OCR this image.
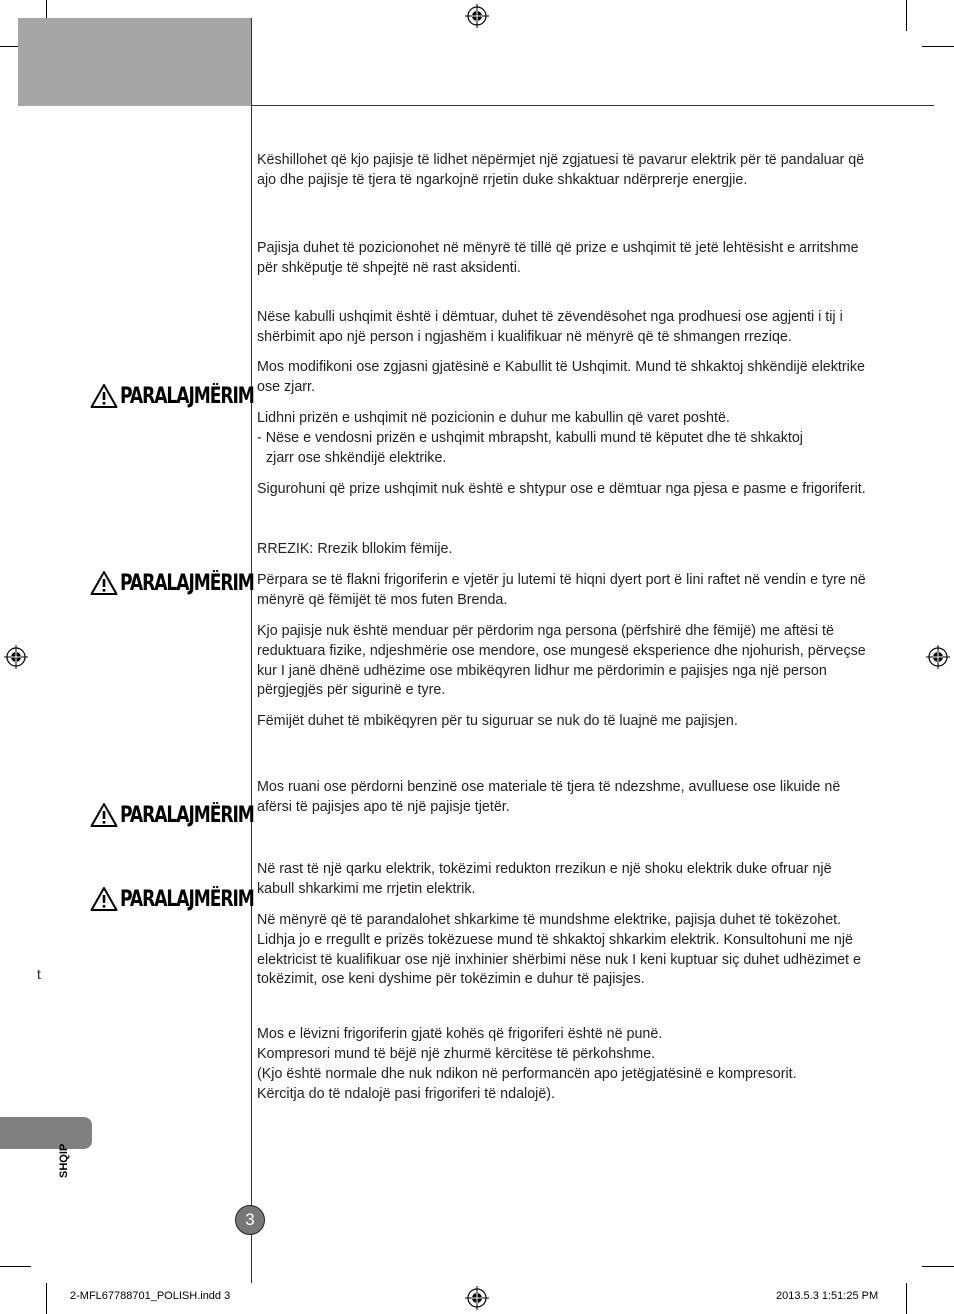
PARALAJMËRIM
PARALAJMËRIM
PARALAJMËRIM
PARALAJMËRIM

Këshillohet që kjo pajisje të lidhet nëpërmjet një zgjatuesi të pavarur elektrik për të pandaluar që ajo dhe pajisje të tjera të ngarkojnë rrjetin duke shkaktuar ndërprerje energjie.

Pajisja duhet të pozicionohet në mënyrë të tillë që prize e ushqimit të jetë lehtësisht e arritshme për shkëputje të shpejtë në rast aksidenti.

Nëse kabulli ushqimit është i dëmtuar, duhet të zëvendësohet nga prodhuesi ose agjenti i tij i shërbimit apo një person i ngjashëm i kualifikuar në mënyrë që të shmangen rreziqe.

Mos modifikoni ose zgjasni gjatësinë e Kabullit të Ushqimit. Mund të shkaktoj shkëndijë elektrike ose zjarr.

Lidhni prizën e ushqimit në pozicionin e duhur me kabullin që varet poshtë.

- Nëse e vendosni prizën e ushqimit mbrapsht, kabulli mund të këputet dhe të shkaktoj

zjarr ose shkëndijë elektrike.

Sigurohuni që prize ushqimit nuk është e shtypur ose e dëmtuar nga pjesa e pasme e frigoriferit.

RREZIK: Rrezik bllokim fëmije.

Përpara se të flakni frigoriferin e vjetër ju lutemi të hiqni dyert port ë lini raftet në vendin e tyre në mënyrë që fëmijët të mos futen Brenda.

Kjo pajisje nuk është menduar për përdorim nga persona (përfshirë dhe fëmijë) me aftësi të reduktuara fizike, ndjeshmërie ose mendore, ose mungesë eksperience dhe njohurish, përveçse kur I janë dhënë udhëzime ose mbikëqyren lidhur me përdorimin e pajisjes nga një person përgjegjës për sigurinë e tyre.

Fëmijët duhet të mbikëqyren për tu siguruar se nuk do të luajnë me pajisjen.

Mos ruani ose përdorni benzinë ose materiale të tjera të ndezshme, avulluese ose likuide në afërsi të pajisjes apo të një pajisje tjetër.

Në rast të një qarku elektrik, tokëzimi redukton rrezikun e një shoku elektrik duke ofruar një kabull shkarkimi me rrjetin elektrik.

Në mënyrë që të parandalohet shkarkime të mundshme elektrike, pajisja duhet të tokëzohet. Lidhja jo e rregullt e prizës tokëzuese mund të shkaktoj shkarkim elektrik. Konsultohuni me një elektricist të kualifikuar ose një inxhinier shërbimi nëse nuk I keni kuptuar siç duhet udhëzimet e tokëzimit, ose keni dyshime për tokëzimin e duhur të pajisjes.

Mos e lëvizni frigoriferin gjatë kohës që frigoriferi është në punë.

Kompresori mund të bëjë një zhurmë kërcitëse të përkohshme.

(Kjo është normale dhe nuk ndikon në performancën apo jetëgjatësinë e kompresorit.

Kërcitja do të ndalojë pasi frigoriferi të ndalojë).

t
SHQIP
3
2-MFL67788701_POLISH.indd 3	2013.5.3 1:51:25 PM
